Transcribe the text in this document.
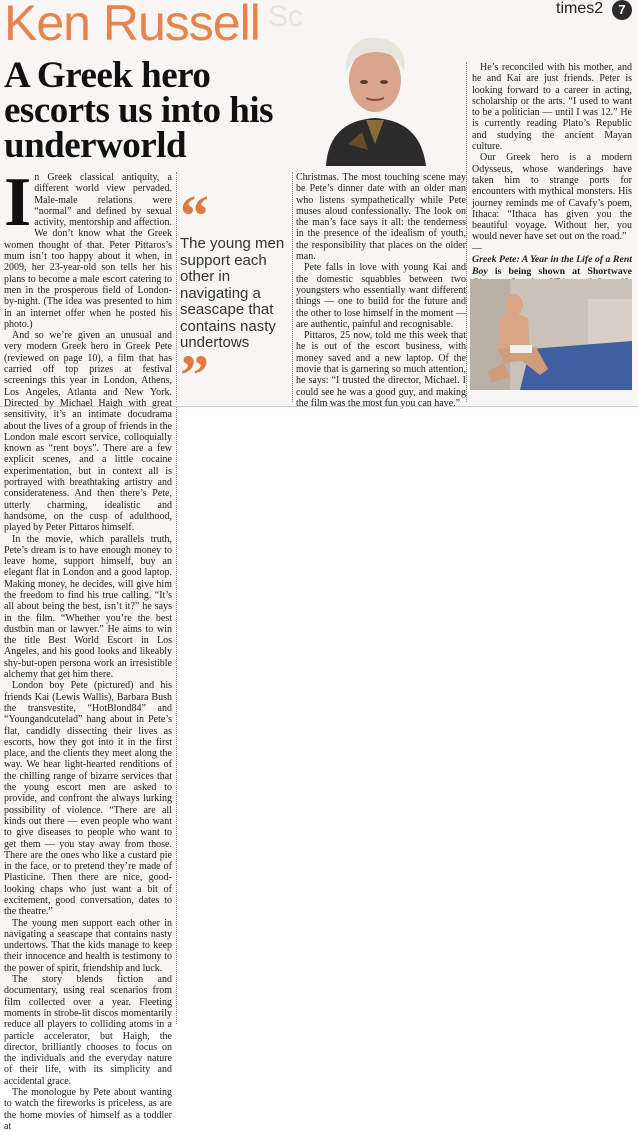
Sc
Ken Russell	times2	7
A Greek hero escorts us into his underworld

In Greek classical antiquity, a different world view pervaded. Male-male relations were “normal” and defined by sexual activity, mentorship and affection. We don’t know what the Greek women thought of that. Peter Pittaros’s mum isn’t too happy about it when, in 2009, her 23-year-old son tells her his plans to become a male escort catering to men in the prosperous field of London-by-night. (The idea was presented to him in an internet offer when he posted his photo.)

And so we’re given an unusual and very modern Greek hero in Greek Pete (reviewed on page 10), a film that has carried off top prizes at festival screenings this year in London, Athens, Los Angeles, Atlanta and New York. Directed by Michael Haigh with great sensitivity, it’s an intimate docudrama about the lives of a group of friends in the London male escort service, colloquially known as “rent boys”. There are a few explicit scenes, and a little cocaine experimentation, but in context all is portrayed with breathtaking artistry and considerateness. And then there’s Pete, utterly charming, idealistic and handsome, on the cusp of adulthood, played by Peter Pittaros himself.

In the movie, which parallels truth, Pete’s dream is to have enough money to leave home, support himself, buy an elegant flat in London and a good laptop. Making money, he decides, will give him the freedom to find his true calling. “It’s all about being the best, isn’t it?” he says in the film. “Whether you’re the best dustbin man or lawyer.” He aims to win the title Best World Escort in Los Angeles, and his good looks and likeably shy-but-open persona work an irresistible alchemy that get him there.

London boy Pete (pictured) and his friends Kai (Lewis Wallis), Barbara Bush the transvestite, “HotBlond84” and “Youngandcutelad” hang about in Pete’s flat, candidly dissecting their lives as escorts, how they got into it in the first place, and the clients they meet along the way. We hear light-hearted renditions of the chilling range of bizarre services that the young escort men are asked to provide, and confront the always lurking possibility of violence. “There are all kinds out there — even people who want to give diseases to people who want to get them — you stay away from those. There are the ones who like a custard pie in the face, or to pretend they’re made of Plasticine. Then there are nice, good-looking chaps who just want a bit of excitement, good conversation, dates to the theatre.”

The young men support each other in navigating a seascape that contains nasty undertows. That the kids manage to keep their innocence and health is testimony to the power of spirit, friendship and luck.

The story blends fiction and documentary, using real scenarios from film collected over a year. Fleeting moments in strobe-lit discos momentarily reduce all players to colliding atoms in a particle accelerator, but Haigh, the director, brilliantly chooses to focus on the individuals and the everyday nature of their life, with its simplicity and accidental grace.

The monologue by Pete about wanting to watch the fireworks is priceless, as are the home movies of himself as a toddler at

“
The young men support each other in navigating a seascape that contains nasty undertows
”

Christmas. The most touching scene may be Pete’s dinner date with an older man who listens sympathetically while Pete muses aloud confessionally. The look on the man’s face says it all: the tenderness in the presence of the idealism of youth, the responsibility that places on the older man.

Pete falls in love with young Kai and the domestic squabbles between two youngsters who essentially want different things — one to build for the future and the other to lose himself in the moment — are authentic, painful and recognisable.

Pittaros, 25 now, told me this week that he is out of the escort business, with money saved and a new laptop. Of the movie that is garnering so much attention, he says: “I trusted the director, Michael. I could see he was a good guy, and making the film was the most fun you can have.”

He’s reconciled with his mother, and he and Kai are just friends. Peter is looking forward to a career in acting, scholarship or the arts. “I used to want to be a politician — until I was 12.” He is currently reading Plato’s Republic and studying the ancient Mayan culture.

Our Greek hero is a modern Odysseus, whose wanderings have taken him to strange ports for encounters with mythical monsters. His journey reminds me of Cavafy’s poem, Ithaca: “Ithaca has given you the beautiful voyage. Without her, you would never have set out on the road.”

—

Greek Pete: A Year in the Life of a Rent Boy is being shown at Shortwave
